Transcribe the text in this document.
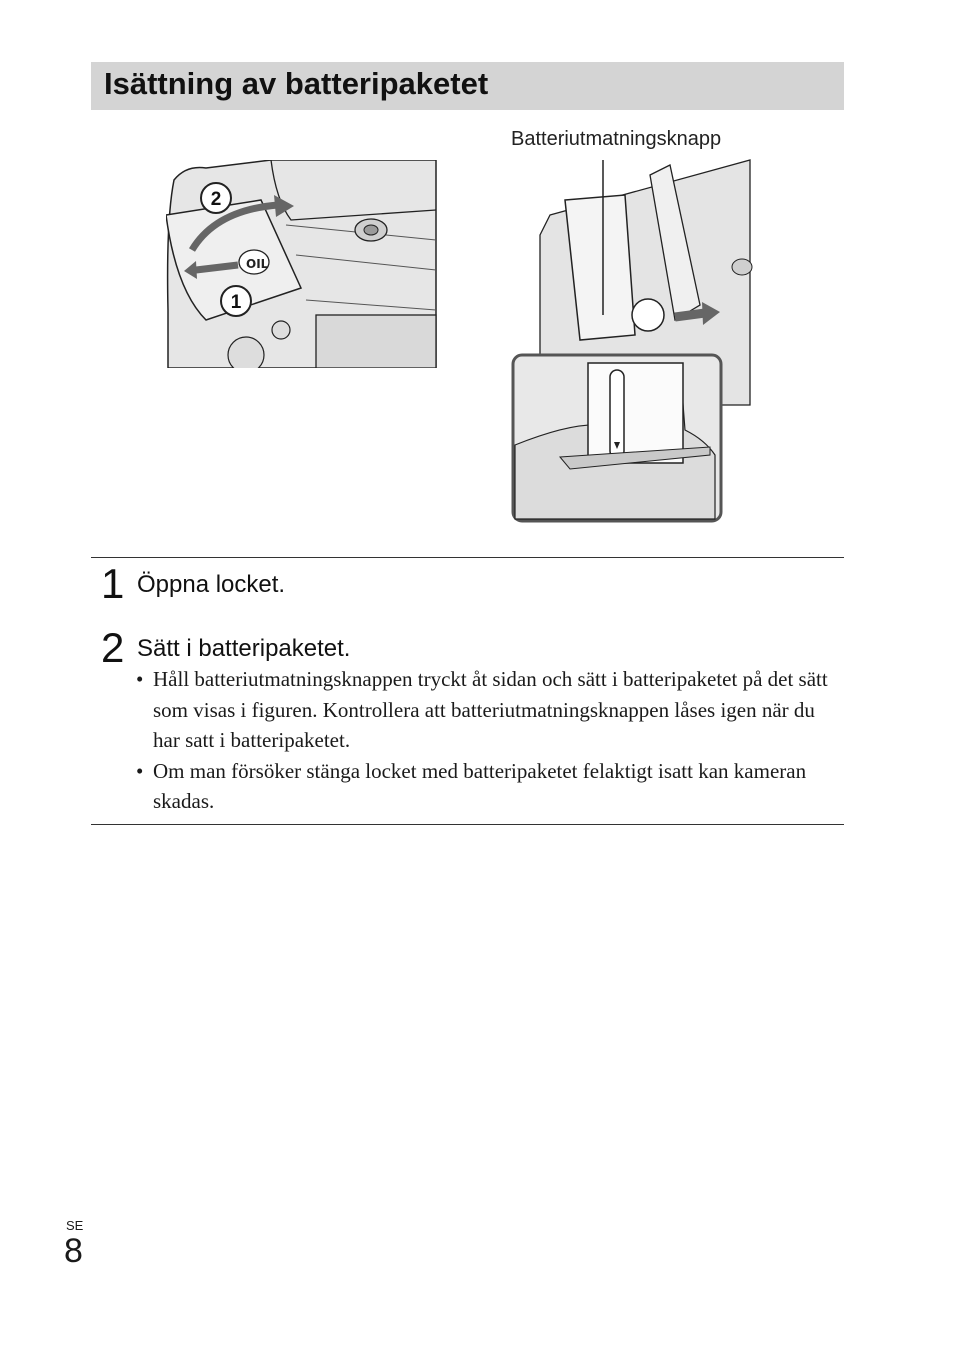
Isättning av batteripaketet
Batteriutmatningsknapp
OIL
2
1
1 Öppna locket.
2 Sätt i batteripaketet.
• Håll batteriutmatningsknappen tryckt åt sidan och sätt i batteripaketet på det sätt som visas i figuren. Kontrollera att batteriutmatningsknappen låses igen när du har satt i batteripaketet.
• Om man försöker stänga locket med batteripaketet felaktigt isatt kan kameran skadas.
SE
8
